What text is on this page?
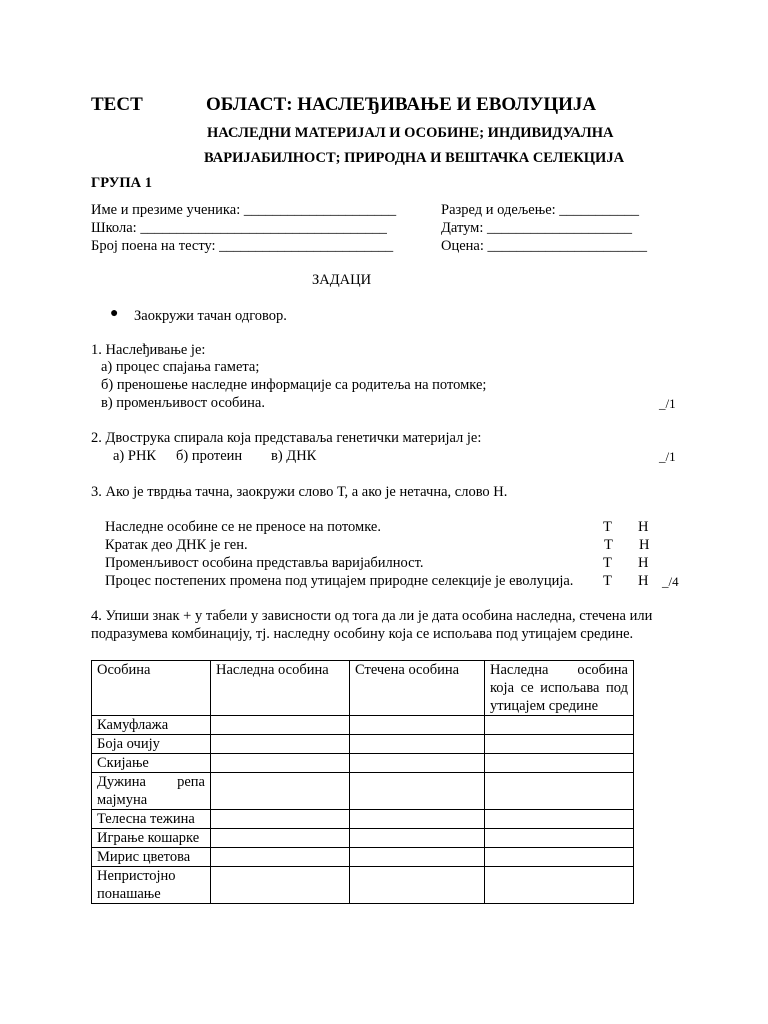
ТЕСТ	ОБЛАСТ: НАСЛЕЂИВАЊЕ И ЕВОЛУЦИЈА
НАСЛЕДНИ МАТЕРИЈАЛ И ОСОБИНЕ; ИНДИВИДУАЛНА
ВАРИЈАБИЛНОСТ; ПРИРОДНА И ВЕШТАЧКА СЕЛЕКЦИЈА
ГРУПА 1
Име и презиме ученика: _____________________
Школа: __________________________________
Број поена на тесту: ________________________
Разред и одељење: ___________
Датум: ____________________
Оцена: ______________________
ЗАДАЦИ
● Заокружи тачан одговор.
1. Наслеђивање је:
а) процес спајања гамета;
б) преношење наследне информације са родитеља на потомке;
в) променљивост особина.	_/1
2. Двострука спирала која представаља генетички материјал је:
а) РНК б) протеин в) ДНК	_/1
3. Ако је тврдња тачна, заокружи слово Т, а ако је нетачна, слово Н.
Наследне особине се не преносе на потомке.	Т Н
Кратак део ДНК је ген.	Т Н
Променљивост особина представља варијабилност.	Т Н
Процес постепених промена под утицајем природне селекције је еволуција. Т Н _/4
4. Упиши знак + у табели у зависности од тога да ли је дата особина наследна, стечена или
подразумева комбинацију, тј. наследну особину која се испољава под утицајем средине.
Особина	Наследна особина	Стечена особина	Наследна особина која се испољава под утицајем средине
Камуфлажа			
Боја очију			
Скијање			
Дужина репа мајмуна			
Телесна тежина			
Играње кошарке			
Мирис цветова			
Непристојно понашање			
